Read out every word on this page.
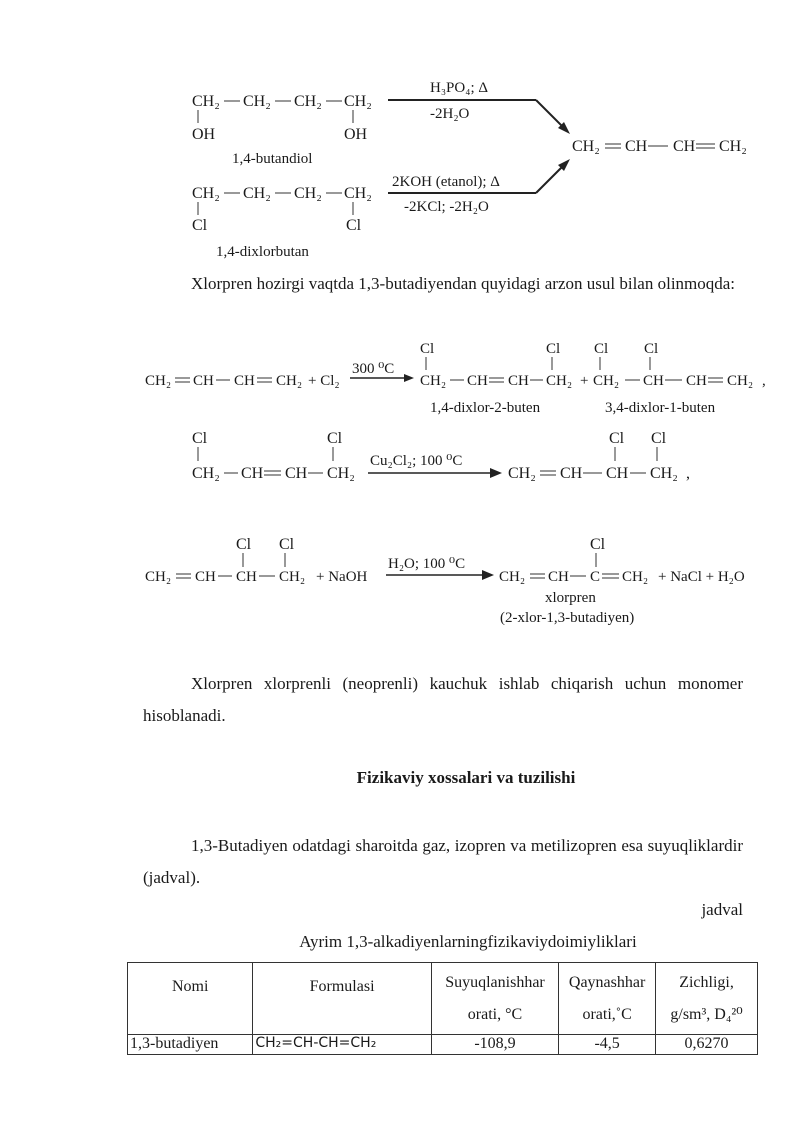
CH₂ CH₂ CH₂ CH₂
OH	OH
1,4-butandiol
H₃PO₄; Δ
-2H₂O
CH₂ CH CH CH₂
CH₂ CH₂ CH₂ CH₂
Cl	Cl
1,4-dixlorbutan
2KOH (etanol); Δ
-2KCl; -2H₂O
Xlorpren hozirgi vaqtda 1,3-butadiyendan quyidagi arzon usul bilan olinmoqda:
CH₂ CH CH CH₂ + Cl₂
300 ⁰C
Cl	Cl
CH₂ CH CH CH₂ +
1,4-dixlor-2-buten
Cl Cl
CH₂ CH CH CH₂ ,
3,4-dixlor-1-buten
Cl	Cl
CH₂ CH CH CH₂
Cu₂Cl₂; 100 ⁰C
Cl Cl
CH₂ CH CH CH₂ ,
Cl Cl
CH₂ CH CH CH₂ + NaOH
H₂O; 100 ⁰C
Cl
CH₂ CH C CH₂ + NaCl + H₂O
xlorpren
(2-xlor-1,3-butadiyen)
Xlorpren xlorprenli (neoprenli) kauchuk ishlab chiqarish uchun monomer hisoblanadi.
Fizikaviy xossalari va tuzilishi
1,3-Butadiyen odatdagi sharoitda gaz, izopren va metilizopren esa suyuqliklardir (jadval).
jadval
Ayrim 1,3-alkadiyenlarningfizikaviydoimiyliklari
Nomi	Formulasi	Suyuqlanishhar orati, °C	Qaynashhar orati,˚C	Zichligi, g/sm³, D₄²⁰
1,3-butadiyen	CH₂=CH-CH=CH₂	-108,9	-4,5	0,6270
